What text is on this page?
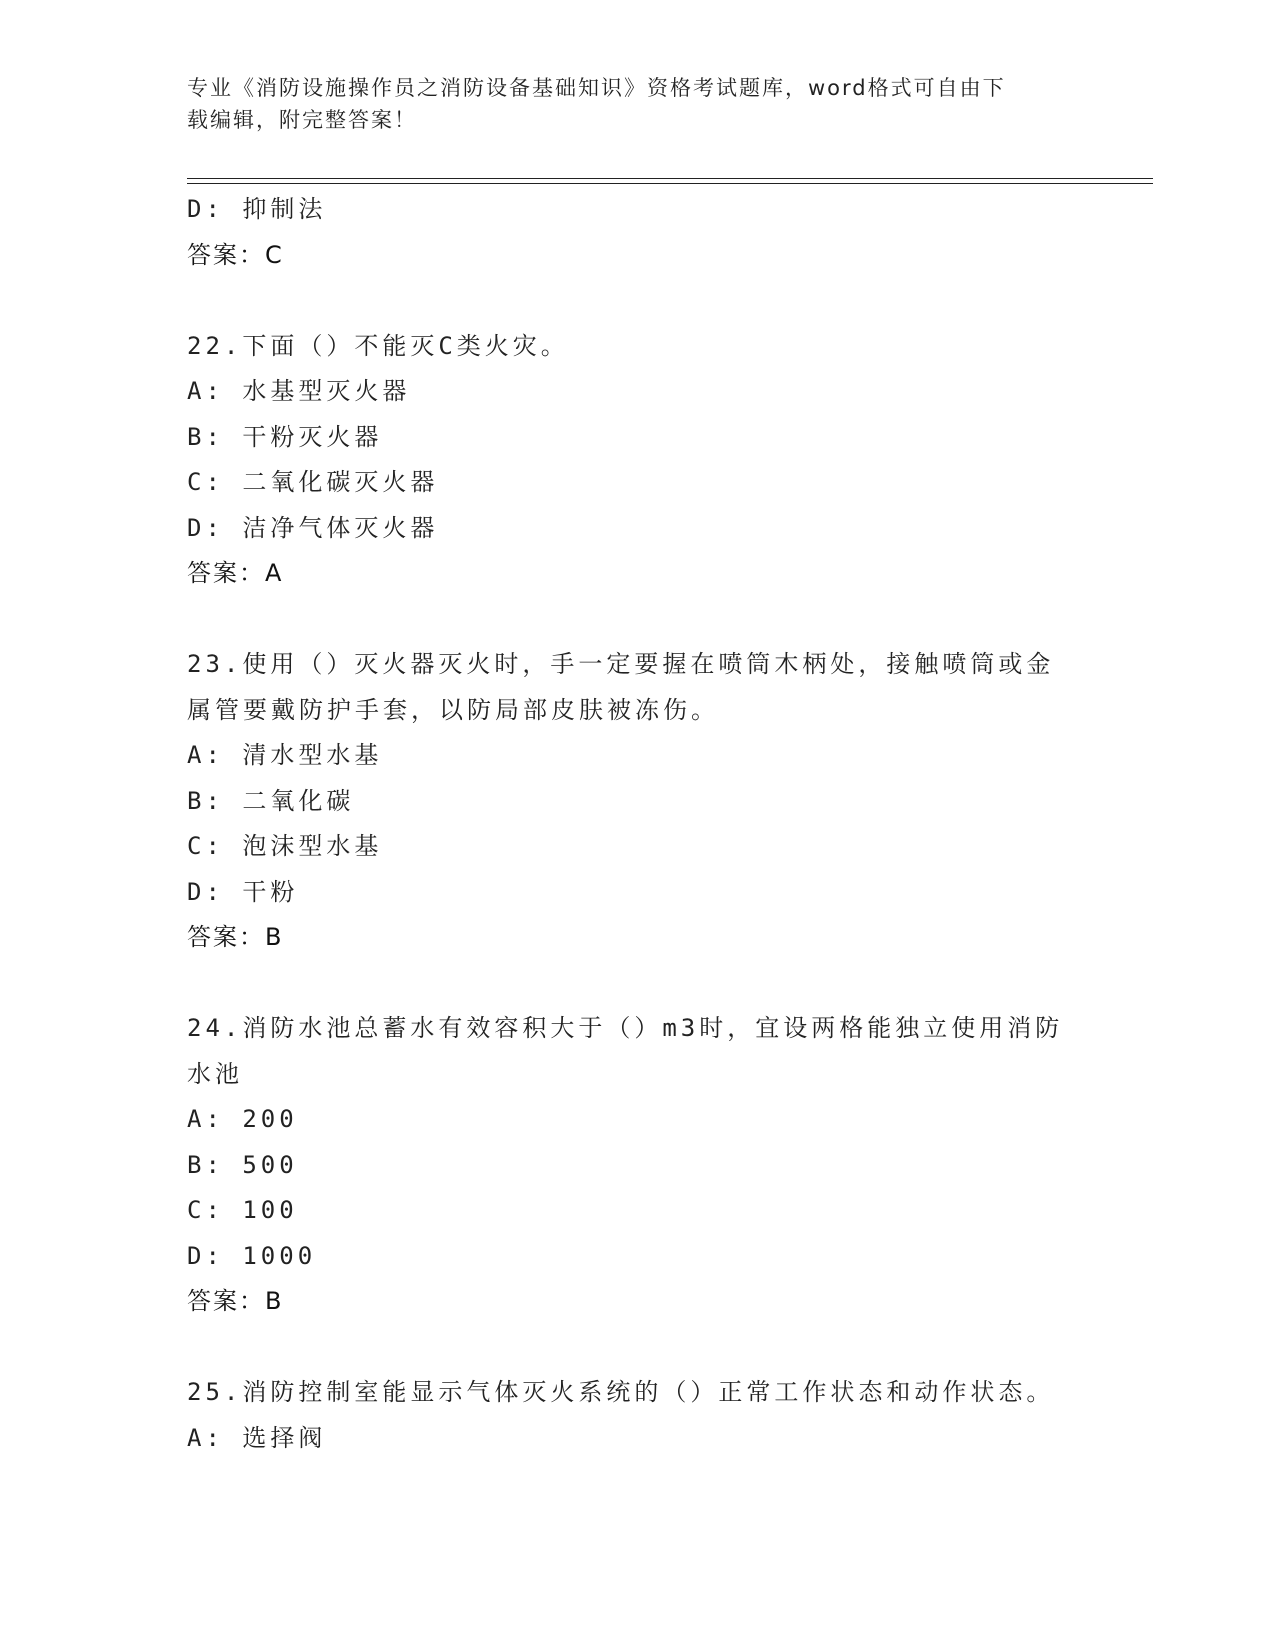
专业《消防设施操作员之消防设备基础知识》资格考试题库，word格式可自由下
载编辑，附完整答案！
D: 抑制法
答案：C
22.下面（）不能灭C类火灾。
A: 水基型灭火器
B: 干粉灭火器
C: 二氧化碳灭火器
D: 洁净气体灭火器
答案：A
23.使用（）灭火器灭火时，手一定要握在喷筒木柄处，接触喷筒或金
属管要戴防护手套，以防局部皮肤被冻伤。
A: 清水型水基
B: 二氧化碳
C: 泡沫型水基
D: 干粉
答案：B
24.消防水池总蓄水有效容积大于（）m3时，宜设两格能独立使用消防
水池
A: 200
B: 500
C: 100
D: 1000
答案：B
25.消防控制室能显示气体灭火系统的（）正常工作状态和动作状态。
A: 选择阀
